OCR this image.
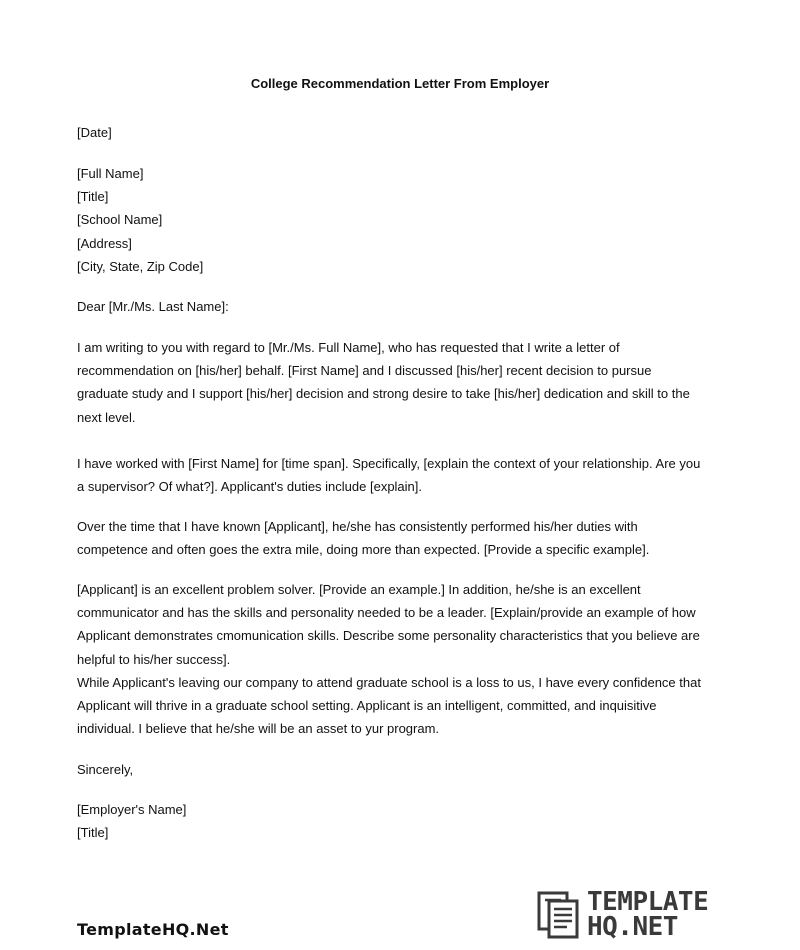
College Recommendation Letter From Employer
[Date]
[Full Name]
[Title]
[School Name]
[Address]
[City, State, Zip Code]
Dear [Mr./Ms. Last Name]:
I am writing to you with regard to [Mr./Ms. Full Name], who has requested that I write a letter of
recommendation on [his/her] behalf. [First Name] and I discussed [his/her] recent decision to pursue
graduate study and I support [his/her] decision and strong desire to take [his/her] dedication and skill to the
next level.
I have worked with [First Name] for [time span]. Specifically, [explain the context of your relationship. Are you
a supervisor? Of what?]. Applicant's duties include [explain].
Over the time that I have known [Applicant], he/she has consistently performed his/her duties with
competence and often goes the extra mile, doing more than expected. [Provide a specific example].
[Applicant] is an excellent problem solver. [Provide an example.] In addition, he/she is an excellent
communicator and has the skills and personality needed to be a leader. [Explain/provide an example of how
Applicant demonstrates cmomunication skills. Describe some personality characteristics that you believe are
helpful to his/her success].
While Applicant's leaving our company to attend graduate school is a loss to us, I have every confidence that
Applicant will thrive in a graduate school setting. Applicant is an intelligent, committed, and inquisitive
individual. I believe that he/she will be an asset to yur program.
Sincerely,
[Employer's Name]
[Title]
TemplateHQ.Net
TEMPLATE
HQ.NET
